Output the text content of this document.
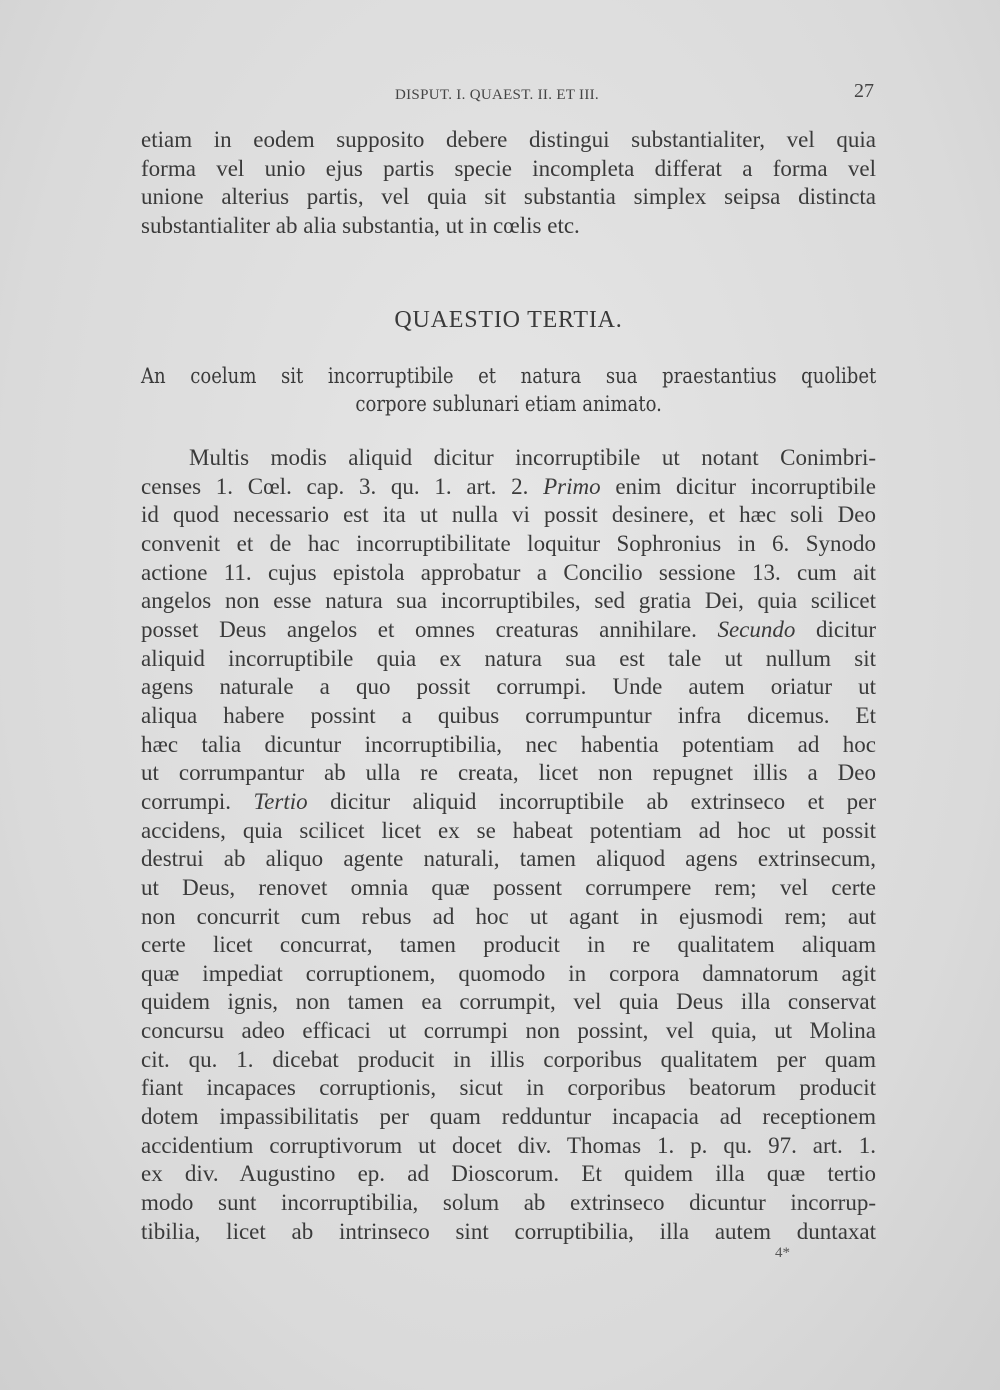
DISPUT. I. QUAEST. II. ET III.	27
etiam in eodem supposito debere distingui substantialiter, vel quia
forma vel unio ejus partis specie incompleta differat a forma vel
unione alterius partis, vel quia sit substantia simplex seipsa distincta
substantialiter ab alia substantia, ut in cœlis etc.
QUAESTIO TERTIA.
An coelum sit incorruptibile et natura sua praestantius quolibet
corpore sublunari etiam animato.
Multis modis aliquid dicitur incorruptibile ut notant Conimbri-
censes 1. Cœl. cap. 3. qu. 1. art. 2. Primo enim dicitur incorruptibile
id quod necessario est ita ut nulla vi possit desinere, et hæc soli Deo
convenit et de hac incorruptibilitate loquitur Sophronius in 6. Synodo
actione 11. cujus epistola approbatur a Concilio sessione 13. cum ait
angelos non esse natura sua incorruptibiles, sed gratia Dei, quia scilicet
posset Deus angelos et omnes creaturas annihilare. Secundo dicitur
aliquid incorruptibile quia ex natura sua est tale ut nullum sit
agens naturale a quo possit corrumpi. Unde autem oriatur ut
aliqua habere possint a quibus corrumpuntur infra dicemus. Et
hæc talia dicuntur incorruptibilia, nec habentia potentiam ad hoc
ut corrumpantur ab ulla re creata, licet non repugnet illis a Deo
corrumpi. Tertio dicitur aliquid incorruptibile ab extrinseco et per
accidens, quia scilicet licet ex se habeat potentiam ad hoc ut possit
destrui ab aliquo agente naturali, tamen aliquod agens extrinsecum,
ut Deus, renovet omnia quæ possent corrumpere rem; vel certe
non concurrit cum rebus ad hoc ut agant in ejusmodi rem; aut
certe licet concurrat, tamen producit in re qualitatem aliquam
quæ impediat corruptionem, quomodo in corpora damnatorum agit
quidem ignis, non tamen ea corrumpit, vel quia Deus illa conservat
concursu adeo efficaci ut corrumpi non possint, vel quia, ut Molina
cit. qu. 1. dicebat producit in illis corporibus qualitatem per quam
fiant incapaces corruptionis, sicut in corporibus beatorum producit
dotem impassibilitatis per quam redduntur incapacia ad receptionem
accidentium corruptivorum ut docet div. Thomas 1. p. qu. 97. art. 1.
ex div. Augustino ep. ad Dioscorum. Et quidem illa quæ tertio
modo sunt incorruptibilia, solum ab extrinseco dicuntur incorrup-
tibilia, licet ab intrinseco sint corruptibilia, illa autem duntaxat
4*
